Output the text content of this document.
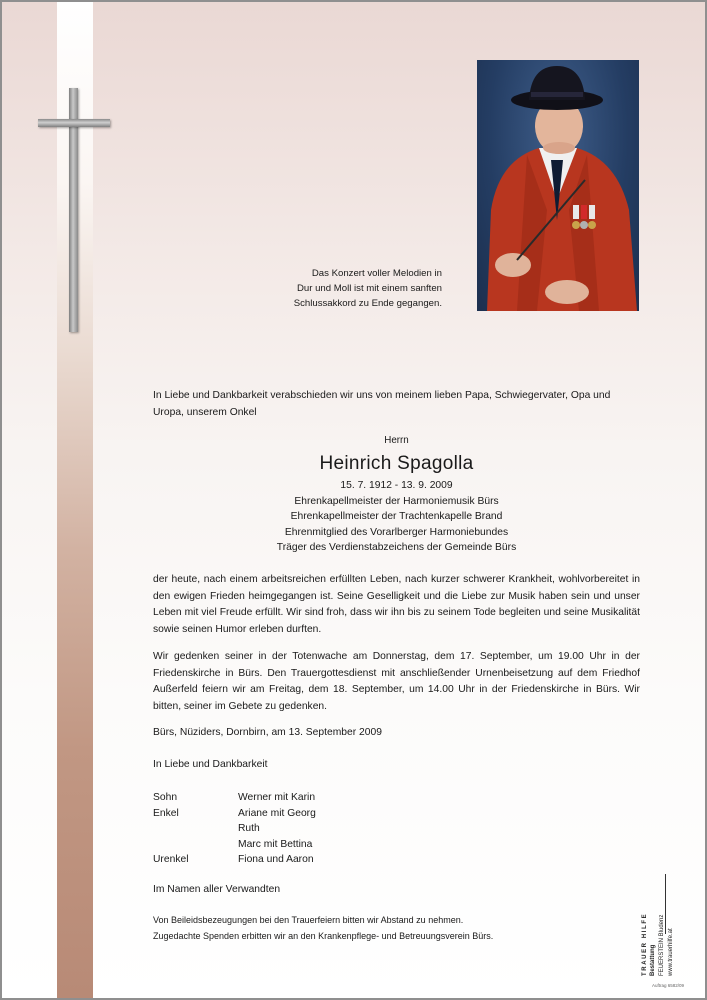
Das Konzert voller Melodien in
Dur und Moll ist mit einem sanften
Schlussakkord zu Ende gegangen.
In Liebe und Dankbarkeit verabschieden wir uns von meinem lieben Papa, Schwiegervater, Opa und Uropa, unserem Onkel
Herrn
Heinrich Spagolla
15. 7. 1912 - 13. 9. 2009
Ehrenkapellmeister der Harmoniemusik Bürs
Ehrenkapellmeister der Trachtenkapelle Brand
Ehrenmitglied des Vorarlberger Harmoniebundes
Träger des Verdienstabzeichens der Gemeinde Bürs
der heute, nach einem arbeitsreichen erfüllten Leben, nach kurzer schwerer Krankheit, wohlvorbereitet in den ewigen Frieden heimgegangen ist. Seine Geselligkeit und die Liebe zur Musik haben sein und unser Leben mit viel Freude erfüllt. Wir sind froh, dass wir ihn bis zu seinem Tode begleiten und seine Musikalität sowie seinen Humor erleben durften.
Wir gedenken seiner in der Totenwache am Donnerstag, dem 17. September, um 19.00 Uhr in der Friedenskirche in Bürs. Den Trauergottesdienst mit anschließender Urnenbeisetzung auf dem Friedhof Außerfeld feiern wir am Freitag, dem 18. September, um 14.00 Uhr in der Friedenskirche in Bürs. Wir bitten, seiner im Gebete zu gedenken.
Bürs, Nüziders, Dornbirn, am 13. September 2009
In Liebe und Dankbarkeit
Sohn	Werner mit Karin
Enkel	Ariane mit Georg
Ruth
Marc mit Bettina
Urenkel	Fiona und Aaron
Im Namen aller Verwandten
Von Beileidsbezeugungen bei den Trauerfeiern bitten wir Abstand zu nehmen.
Zugedachte Spenden erbitten wir an den Krankenpflege- und Betreuungsverein Bürs.	TRAUER HILFE Bestattung FEUERSTEIN Bludenz www.trauerhilfe.at
Auftrag 6582/09
